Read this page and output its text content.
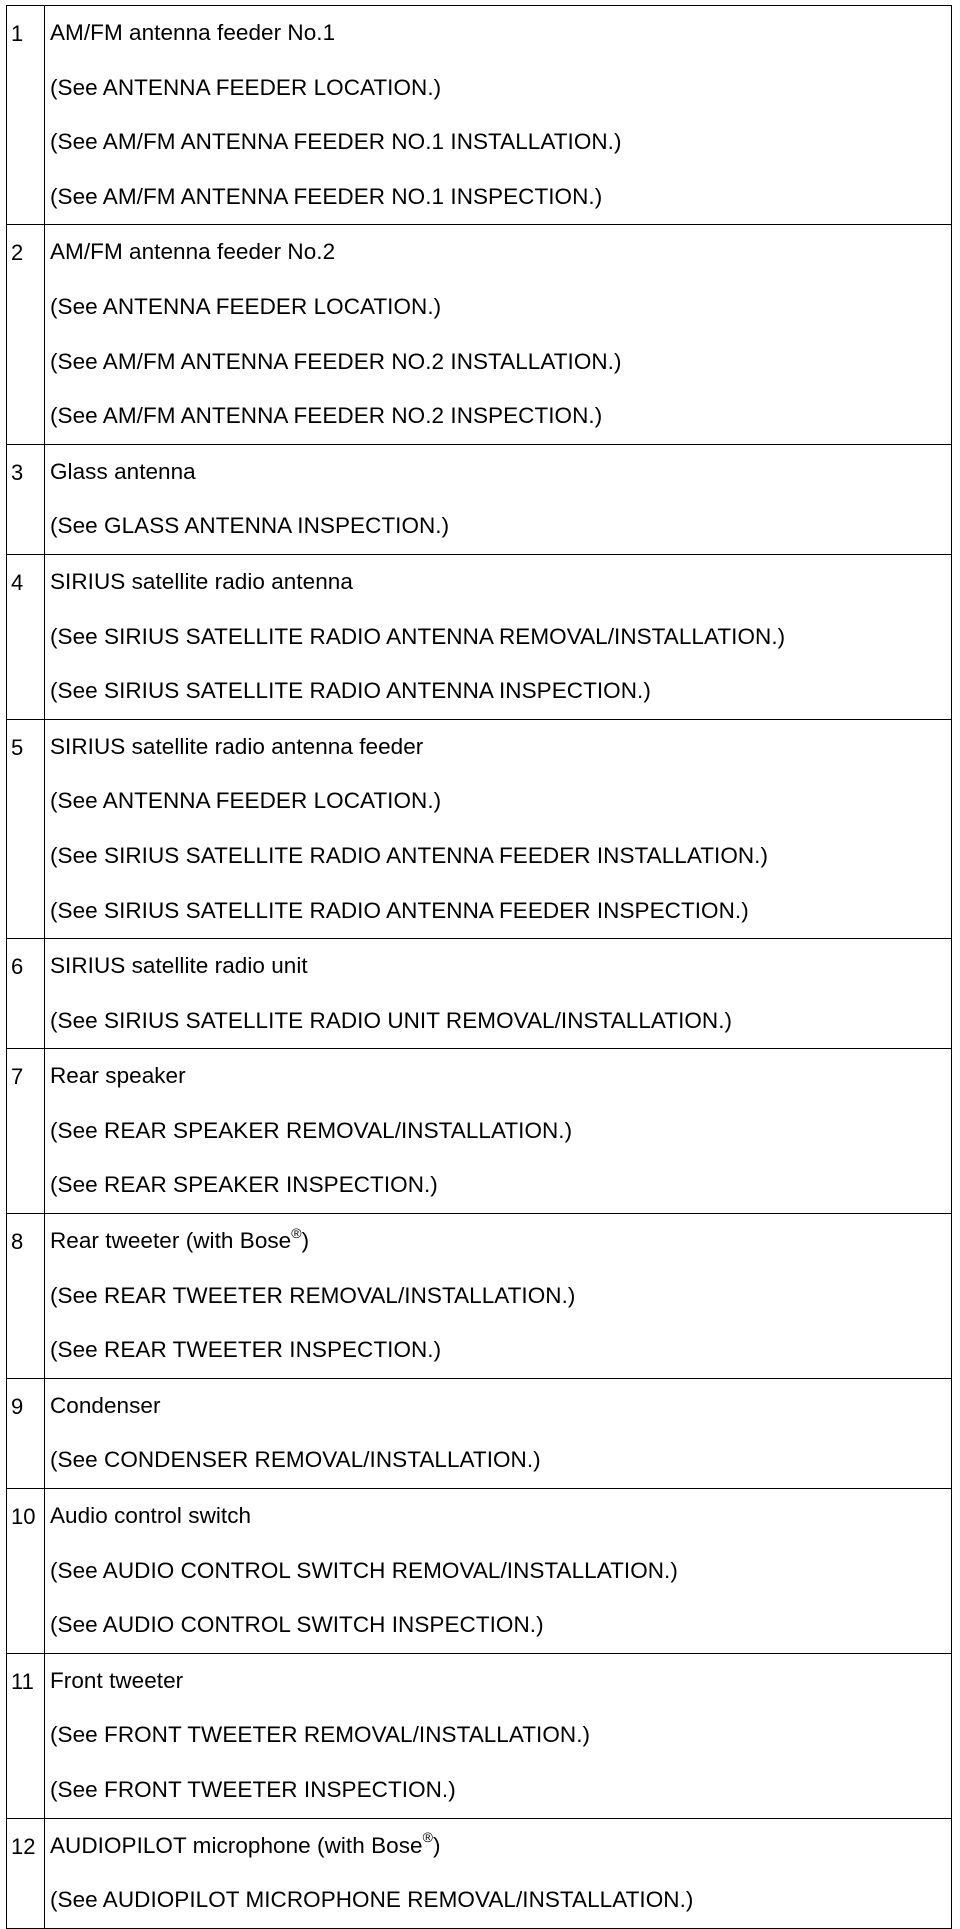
1	AM/FM antenna feeder No.1
(See ANTENNA FEEDER LOCATION.)
(See AM/FM ANTENNA FEEDER NO.1 INSTALLATION.)
(See AM/FM ANTENNA FEEDER NO.1 INSPECTION.)

2	AM/FM antenna feeder No.2
(See ANTENNA FEEDER LOCATION.)
(See AM/FM ANTENNA FEEDER NO.2 INSTALLATION.)
(See AM/FM ANTENNA FEEDER NO.2 INSPECTION.)

3	Glass antenna
(See GLASS ANTENNA INSPECTION.)

4	SIRIUS satellite radio antenna
(See SIRIUS SATELLITE RADIO ANTENNA REMOVAL/INSTALLATION.)
(See SIRIUS SATELLITE RADIO ANTENNA INSPECTION.)

5	SIRIUS satellite radio antenna feeder
(See ANTENNA FEEDER LOCATION.)
(See SIRIUS SATELLITE RADIO ANTENNA FEEDER INSTALLATION.)
(See SIRIUS SATELLITE RADIO ANTENNA FEEDER INSPECTION.)

6	SIRIUS satellite radio unit
(See SIRIUS SATELLITE RADIO UNIT REMOVAL/INSTALLATION.)

7	Rear speaker
(See REAR SPEAKER REMOVAL/INSTALLATION.)
(See REAR SPEAKER INSPECTION.)

8	Rear tweeter (with Bose®)
(See REAR TWEETER REMOVAL/INSTALLATION.)
(See REAR TWEETER INSPECTION.)

9	Condenser
(See CONDENSER REMOVAL/INSTALLATION.)

10	Audio control switch
(See AUDIO CONTROL SWITCH REMOVAL/INSTALLATION.)
(See AUDIO CONTROL SWITCH INSPECTION.)

11	Front tweeter
(See FRONT TWEETER REMOVAL/INSTALLATION.)
(See FRONT TWEETER INSPECTION.)

12	AUDIOPILOT microphone (with Bose®)
(See AUDIOPILOT MICROPHONE REMOVAL/INSTALLATION.)
